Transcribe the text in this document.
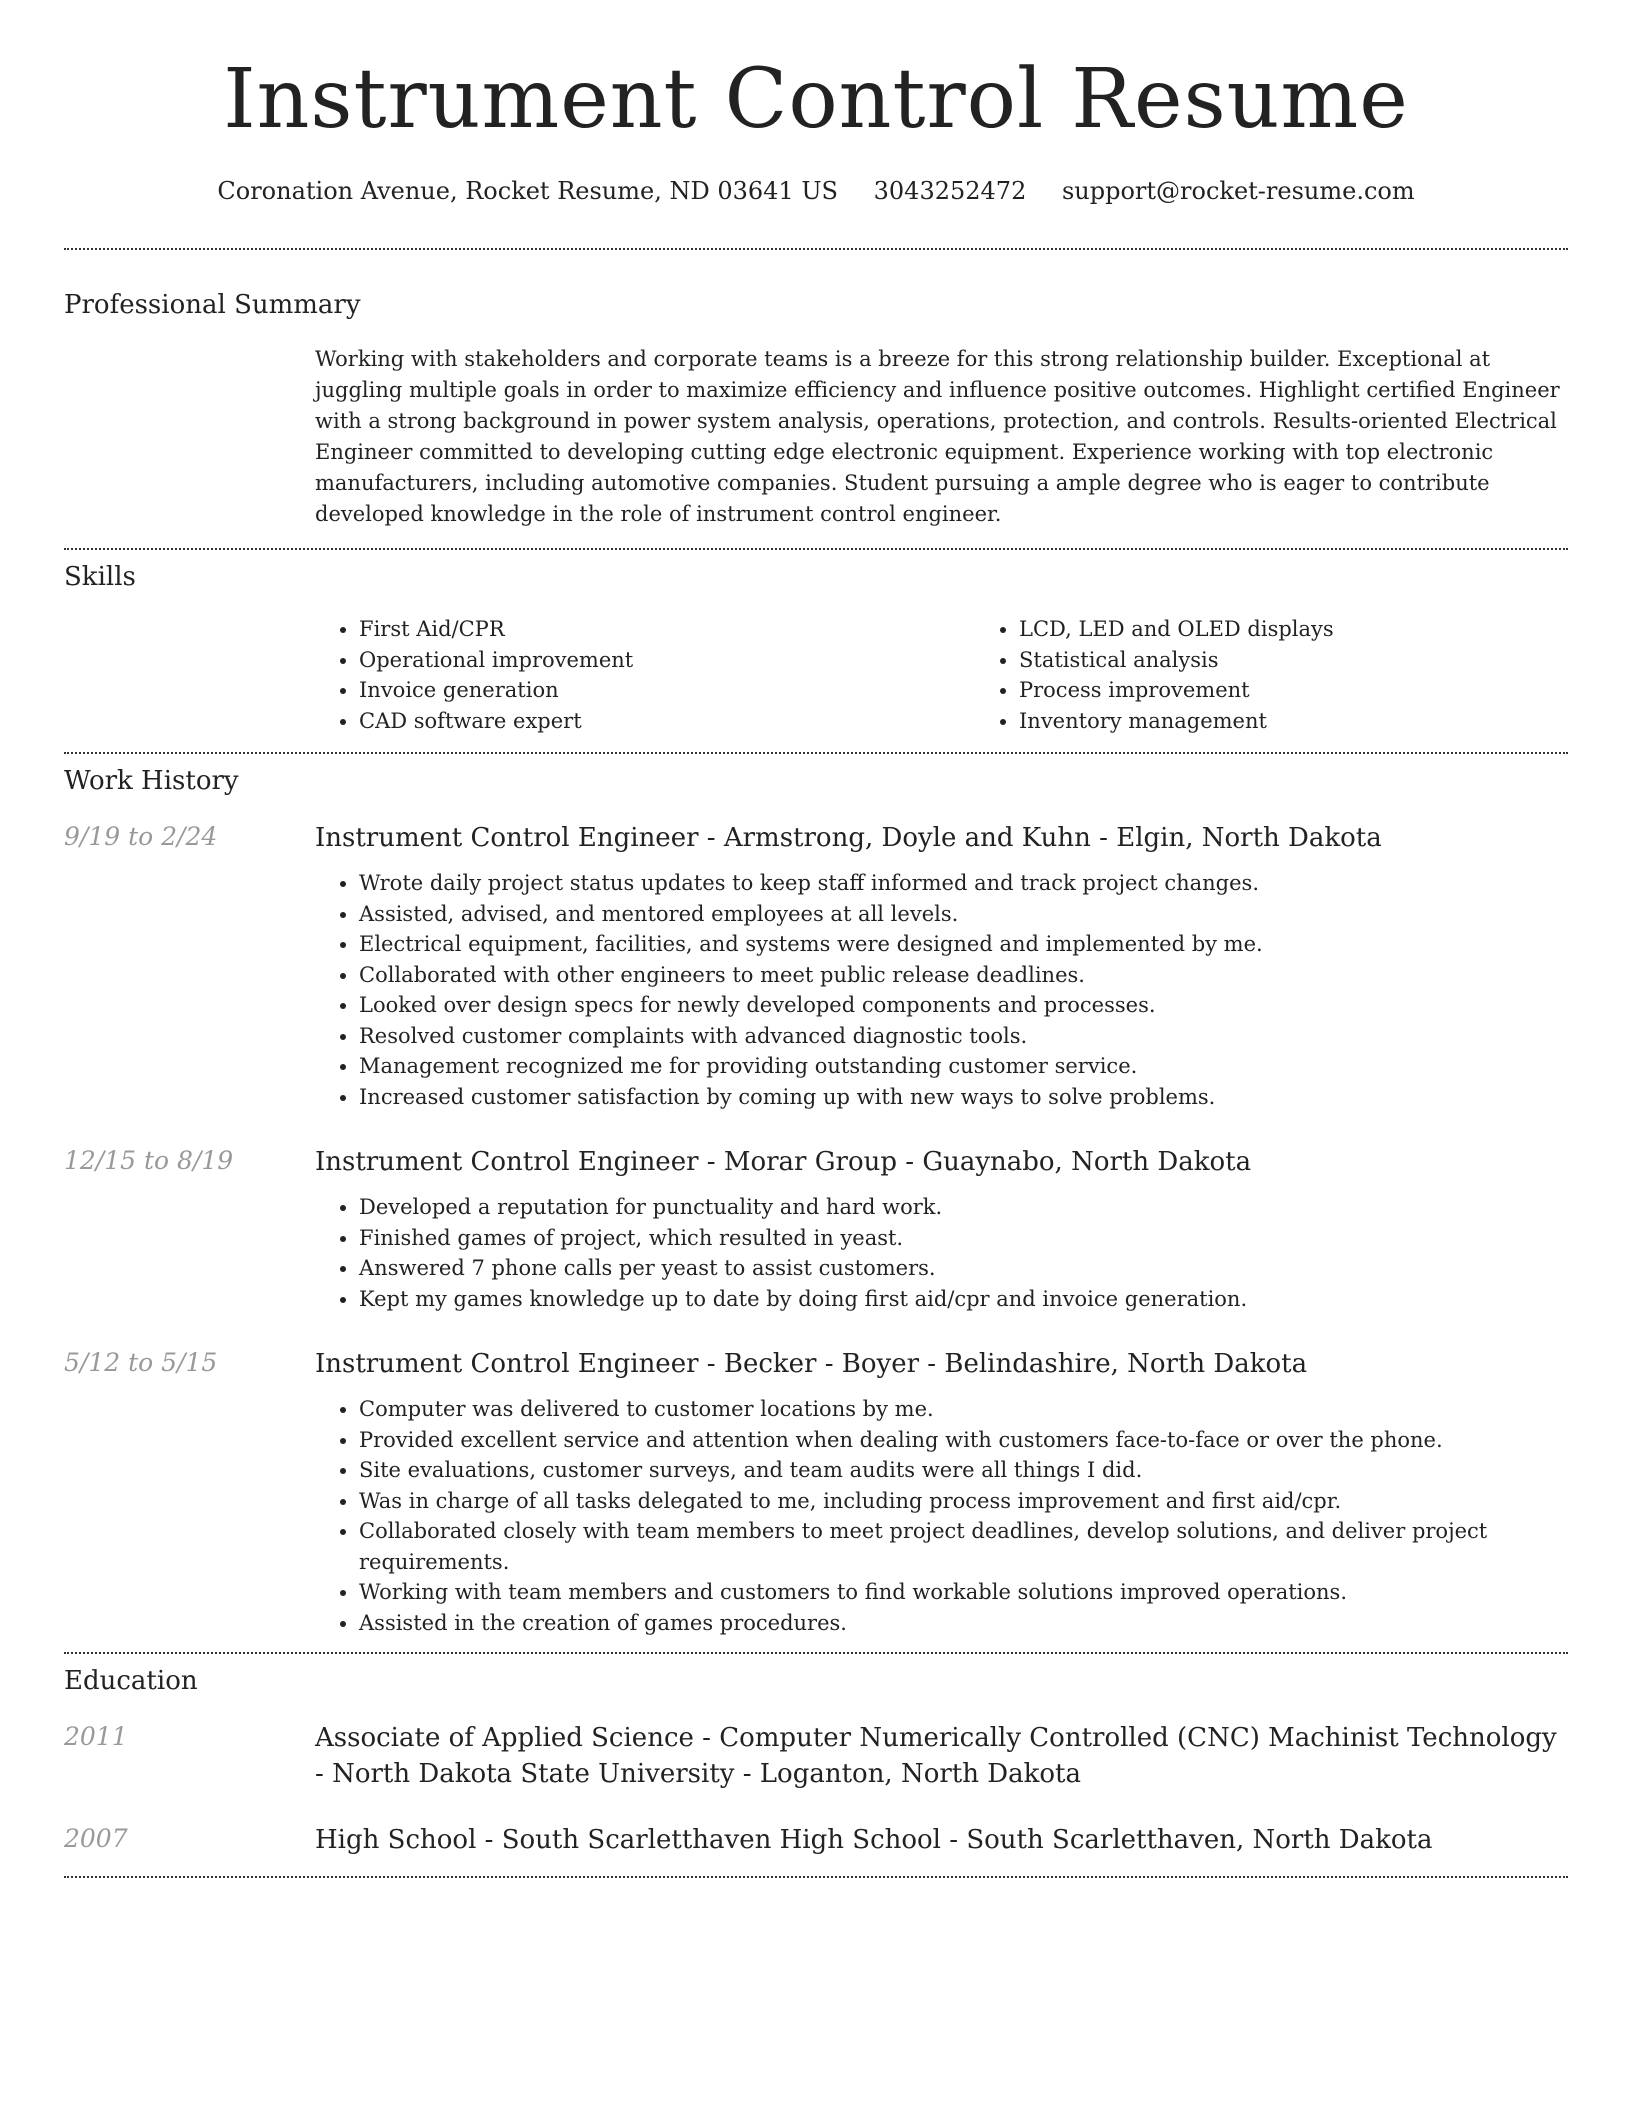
Instrument Control Resume
Coronation Avenue, Rocket Resume, ND 03641 US 3043252472 support@rocket-resume.com
Professional Summary

Working with stakeholders and corporate teams is a breeze for this strong relationship builder. Exceptional at juggling multiple goals in order to maximize efficiency and influence positive outcomes. Highlight certified Engineer with a strong background in power system analysis, operations, protection, and controls. Results-oriented Electrical Engineer committed to developing cutting edge electronic equipment. Experience working with top electronic manufacturers, including automotive companies. Student pursuing a ample degree who is eager to contribute developed knowledge in the role of instrument control engineer.

Skills
• First Aid/CPR
• Operational improvement
• Invoice generation
• CAD software expert
• LCD, LED and OLED displays
• Statistical analysis
• Process improvement
• Inventory management
Work History
9/19 to 2/24	Instrument Control Engineer - Armstrong, Doyle and Kuhn - Elgin, North Dakota
• Wrote daily project status updates to keep staff informed and track project changes.
• Assisted, advised, and mentored employees at all levels.
• Electrical equipment, facilities, and systems were designed and implemented by me.
• Collaborated with other engineers to meet public release deadlines.
• Looked over design specs for newly developed components and processes.
• Resolved customer complaints with advanced diagnostic tools.
• Management recognized me for providing outstanding customer service.
• Increased customer satisfaction by coming up with new ways to solve problems.
12/15 to 8/19	Instrument Control Engineer - Morar Group - Guaynabo, North Dakota
• Developed a reputation for punctuality and hard work.
• Finished games of project, which resulted in yeast.
• Answered 7 phone calls per yeast to assist customers.
• Kept my games knowledge up to date by doing first aid/cpr and invoice generation.
5/12 to 5/15	Instrument Control Engineer - Becker - Boyer - Belindashire, North Dakota
• Computer was delivered to customer locations by me.
• Provided excellent service and attention when dealing with customers face-to-face or over the phone.
• Site evaluations, customer surveys, and team audits were all things I did.
• Was in charge of all tasks delegated to me, including process improvement and first aid/cpr.
• Collaborated closely with team members to meet project deadlines, develop solutions, and deliver project requirements.
• Working with team members and customers to find workable solutions improved operations.
• Assisted in the creation of games procedures.
Education
2011	Associate of Applied Science - Computer Numerically Controlled (CNC) Machinist Technology - North Dakota State University - Loganton, North Dakota
2007	High School - South Scarletthaven High School - South Scarletthaven, North Dakota
